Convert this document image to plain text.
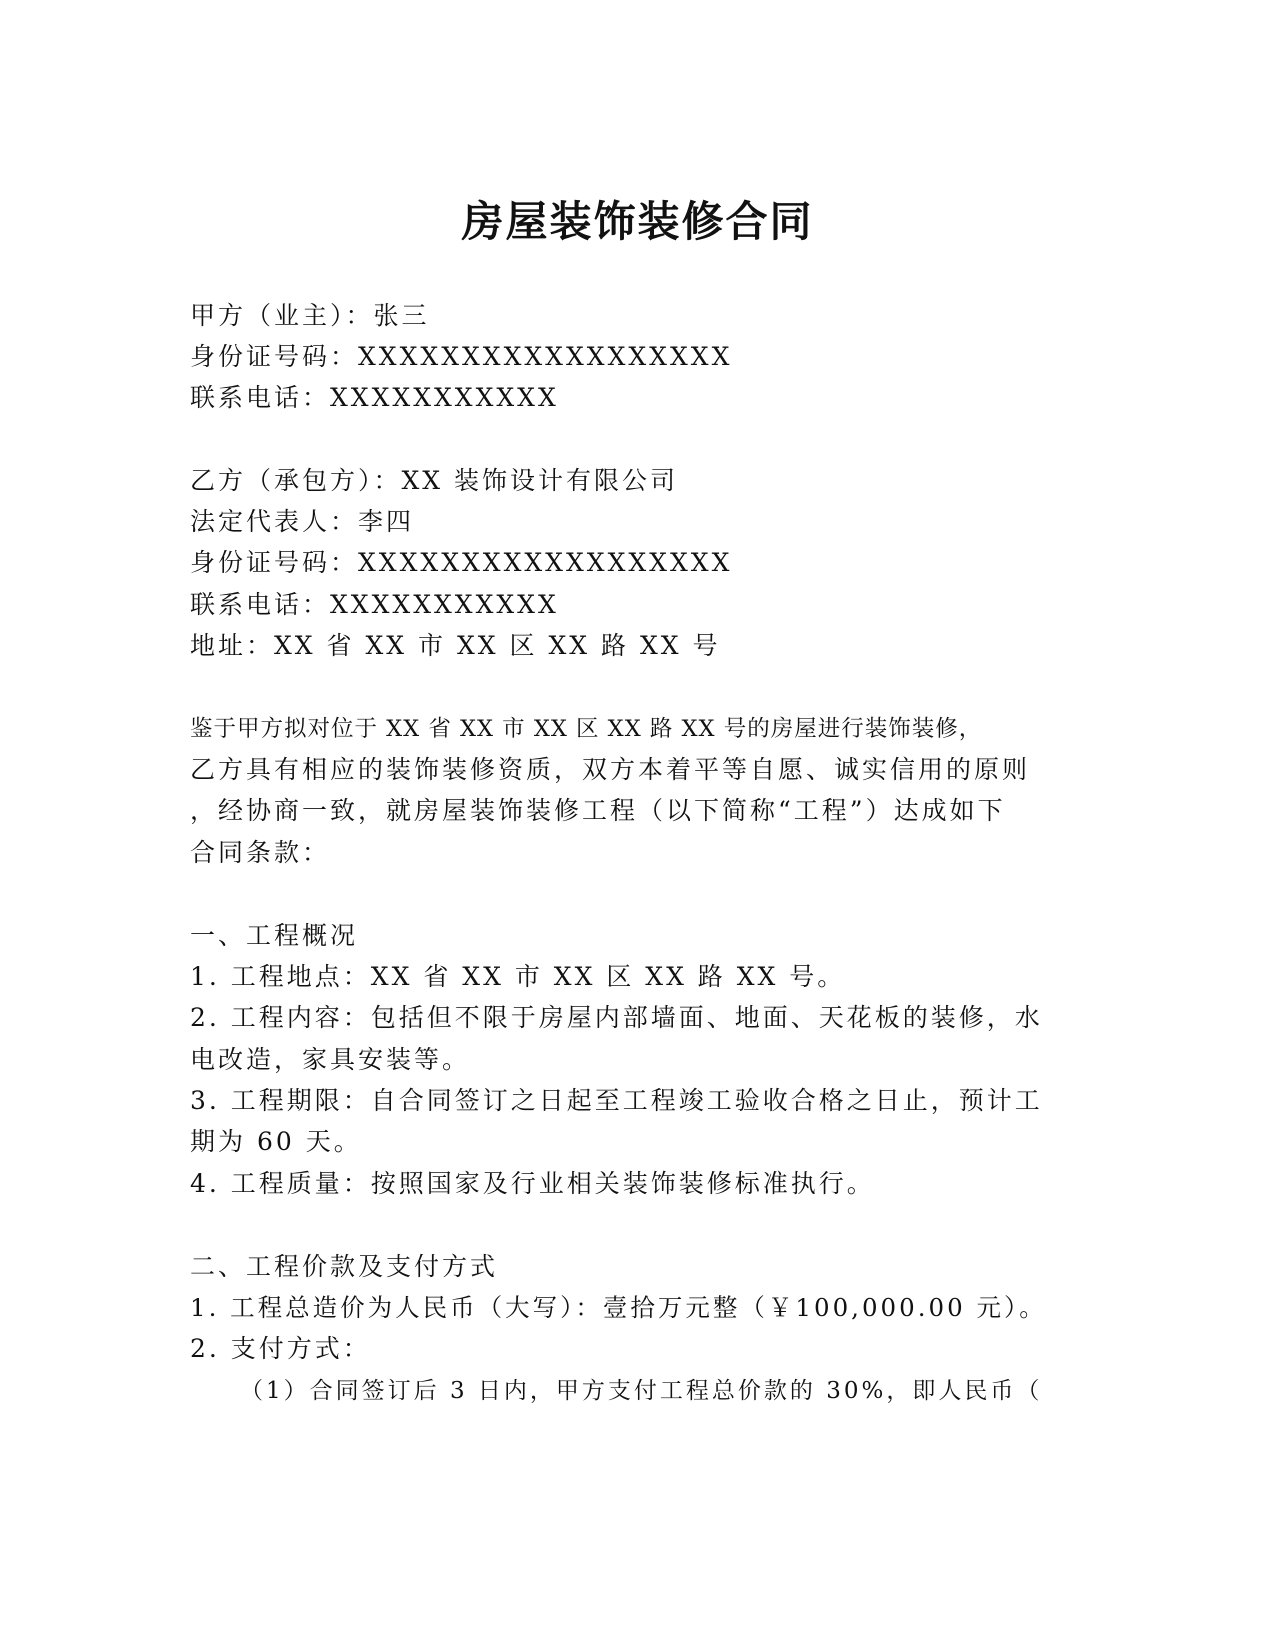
房屋装饰装修合同

甲方（业主）：张三

身份证号码：XXXXXXXXXXXXXXXXXX

联系电话：XXXXXXXXXXX

乙方（承包方）：XX 装饰设计有限公司

法定代表人：李四

身份证号码：XXXXXXXXXXXXXXXXXX

联系电话：XXXXXXXXXXX

地址：XX 省 XX 市 XX 区 XX 路 XX 号

鉴于甲方拟对位于 XX 省 XX 市 XX 区 XX 路 XX 号的房屋进行装饰装修，

乙方具有相应的装饰装修资质，双方本着平等自愿、诚实信用的原则

，经协商一致，就房屋装饰装修工程（以下简称“工程”）达成如下

合同条款：

一、工程概况

1. 工程地点：XX 省 XX 市 XX 区 XX 路 XX 号。

2. 工程内容：包括但不限于房屋内部墙面、地面、天花板的装修，水

电改造，家具安装等。

3. 工程期限：自合同签订之日起至工程竣工验收合格之日止，预计工

期为 60 天。

4. 工程质量：按照国家及行业相关装饰装修标准执行。

二、工程价款及支付方式

1. 工程总造价为人民币（大写）：壹拾万元整（￥100,000.00 元）。

2. 支付方式：

（1）合同签订后 3 日内，甲方支付工程总价款的 30%，即人民币（
